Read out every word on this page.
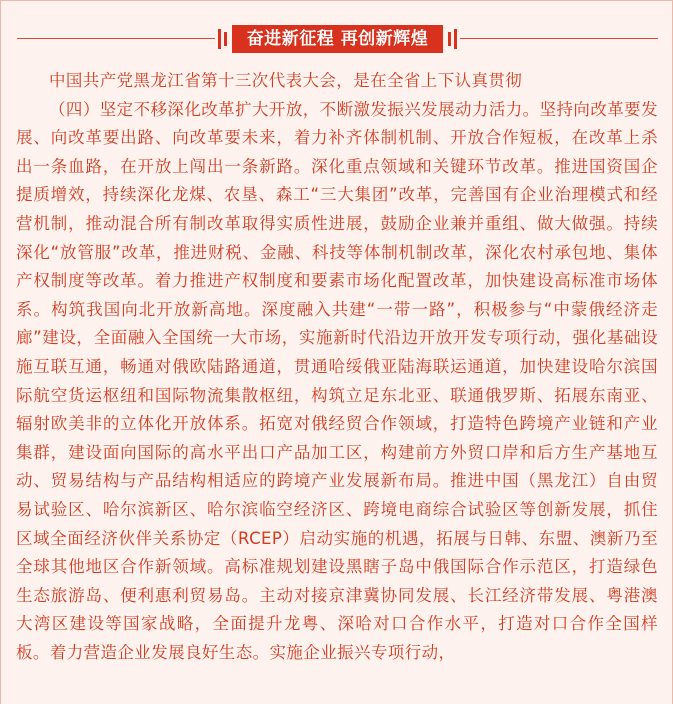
奋进新征程 再创新辉煌

中国共产党黑龙江省第十三次代表大会，是在全省上下认真贯彻

（四）坚定不移深化改革扩大开放，不断激发振兴发展动力活力。坚持向改革要发展、向改革要出路、向改革要未来，着力补齐体制机制、开放合作短板，在改革上杀出一条血路，在开放上闯出一条新路。深化重点领域和关键环节改革。推进国资国企提质增效，持续深化龙煤、农垦、森工“三大集团”改革，完善国有企业治理模式和经营机制，推动混合所有制改革取得实质性进展，鼓励企业兼并重组、做大做强。持续深化“放管服”改革，推进财税、金融、科技等体制机制改革，深化农村承包地、集体产权制度等改革。着力推进产权制度和要素市场化配置改革，加快建设高标准市场体系。构筑我国向北开放新高地。深度融入共建“一带一路”，积极参与“中蒙俄经济走廊”建设，全面融入全国统一大市场，实施新时代沿边开放开发专项行动，强化基础设施互联互通，畅通对俄欧陆路通道，贯通哈绥俄亚陆海联运通道，加快建设哈尔滨国际航空货运枢纽和国际物流集散枢纽，构筑立足东北亚、联通俄罗斯、拓展东南亚、辐射欧美非的立体化开放体系。拓宽对俄经贸合作领域，打造特色跨境产业链和产业集群，建设面向国际的高水平出口产品加工区，构建前方外贸口岸和后方生产基地互动、贸易结构与产品结构相适应的跨境产业发展新布局。推进中国（黑龙江）自由贸易试验区、哈尔滨新区、哈尔滨临空经济区、跨境电商综合试验区等创新发展，抓住区域全面经济伙伴关系协定（RCEP）启动实施的机遇，拓展与日韩、东盟、澳新乃至全球其他地区合作新领域。高标准规划建设黑瞎子岛中俄国际合作示范区，打造绿色生态旅游岛、便利惠利贸易岛。主动对接京津冀协同发展、长江经济带发展、粤港澳大湾区建设等国家战略，全面提升龙粤、深哈对口合作水平，打造对口合作全国样板。着力营造企业发展良好生态。实施企业振兴专项行动，
